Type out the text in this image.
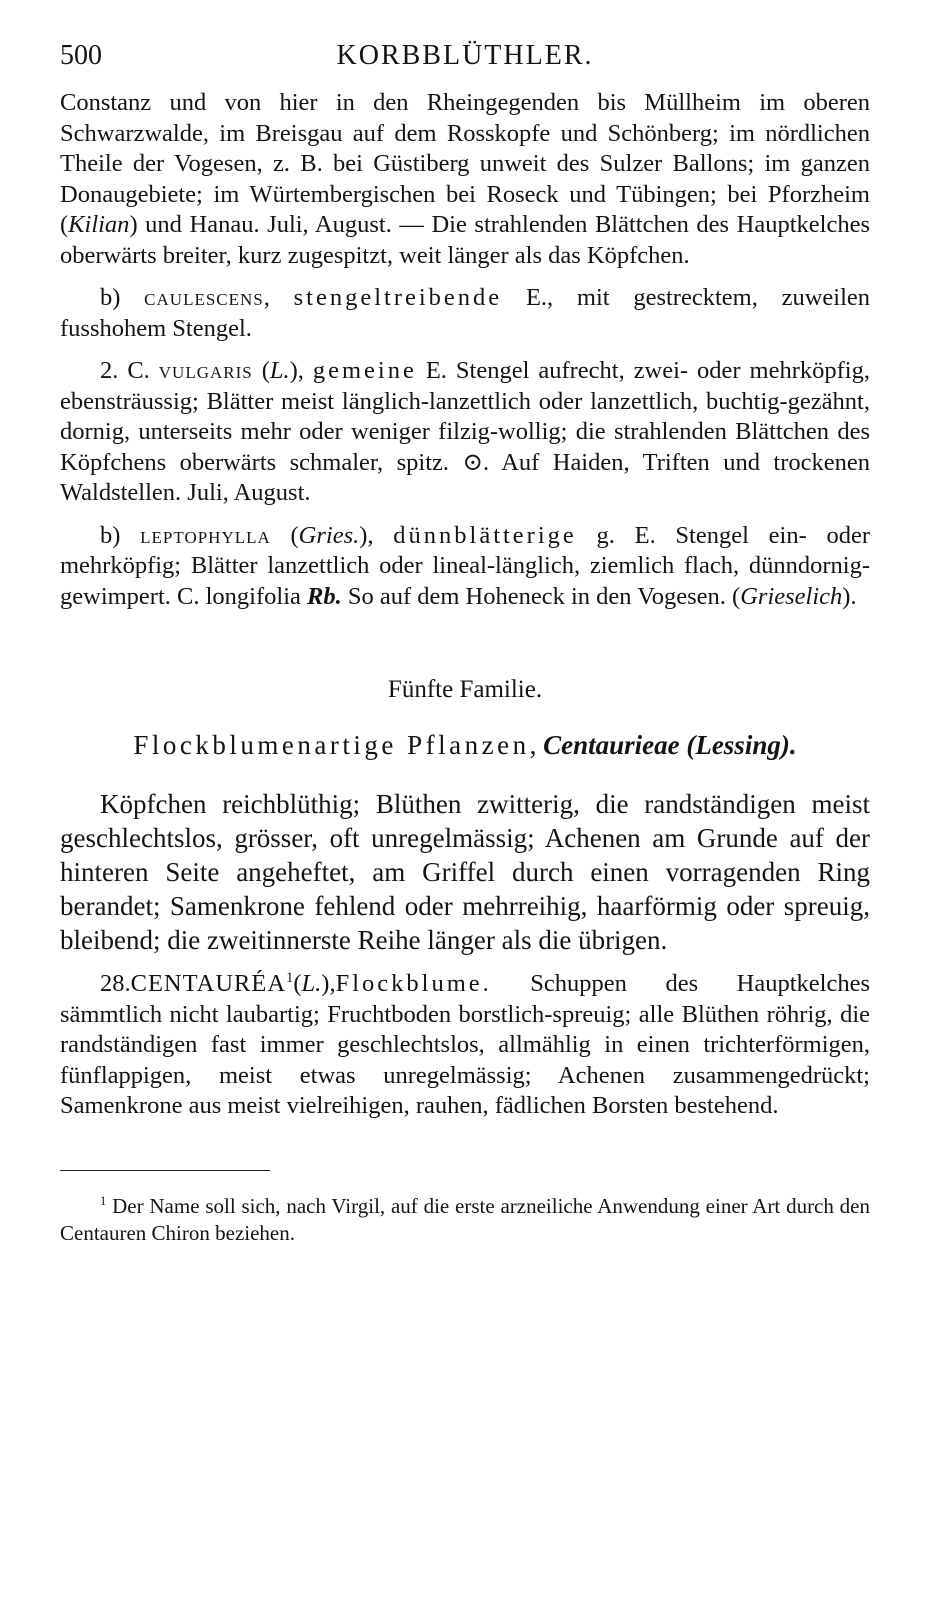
500	KORBBLÜTHLER.

Constanz und von hier in den Rheingegenden bis Müllheim im oberen Schwarzwalde, im Breisgau auf dem Rosskopfe und Schönberg; im nördlichen Theile der Vogesen, z. B. bei Güstiberg unweit des Sulzer Ballons; im ganzen Donaugebiete; im Würtembergischen bei Roseck und Tübingen; bei Pforzheim (Kilian) und Hanau. Juli, August. — Die strahlenden Blättchen des Hauptkelches oberwärts breiter, kurz zugespitzt, weit länger als das Köpfchen.

b) caulescens, stengeltreibende E., mit gestrecktem, zuweilen fusshohem Stengel.

2. C. vulgaris (L.), gemeine E. Stengel aufrecht, zwei- oder mehrköpfig, ebensträussig; Blätter meist länglich-lanzettlich oder lanzettlich, buchtig-gezähnt, dornig, unterseits mehr oder weniger filzig-wollig; die strahlenden Blättchen des Köpfchens oberwärts schmaler, spitz. ⊙. Auf Haiden, Triften und trockenen Waldstellen. Juli, August.

b) leptophylla (Gries.), dünnblätterige g. E. Stengel ein- oder mehrköpfig; Blätter lanzettlich oder lineal-länglich, ziemlich flach, dünndornig-gewimpert. C. longifolia Rb. So auf dem Hoheneck in den Vogesen. (Grieselich).

Fünfte Familie.
Flockblumenartige Pflanzen, Centaurieae (Lessing).

Köpfchen reichblüthig; Blüthen zwitterig, die randständigen meist geschlechtslos, grösser, oft unregelmässig; Achenen am Grunde auf der hinteren Seite angeheftet, am Griffel durch einen vorragenden Ring berandet; Samenkrone fehlend oder mehrreihig, haarförmig oder spreuig, bleibend; die zweitinnerste Reihe länger als die übrigen.

28.CENTAURÉA$^1$(L.),Flockblume. Schuppen des Hauptkelches sämmtlich nicht laubartig; Fruchtboden borstlich-spreuig; alle Blüthen röhrig, die randständigen fast immer geschlechtslos, allmählig in einen trichterförmigen, fünflappigen, meist etwas unregelmässig; Achenen zusammengedrückt; Samenkrone aus meist vielreihigen, rauhen, fädlichen Borsten bestehend.

$^1$ Der Name soll sich, nach Virgil, auf die erste arzneiliche Anwendung einer Art durch den Centauren Chiron beziehen.
